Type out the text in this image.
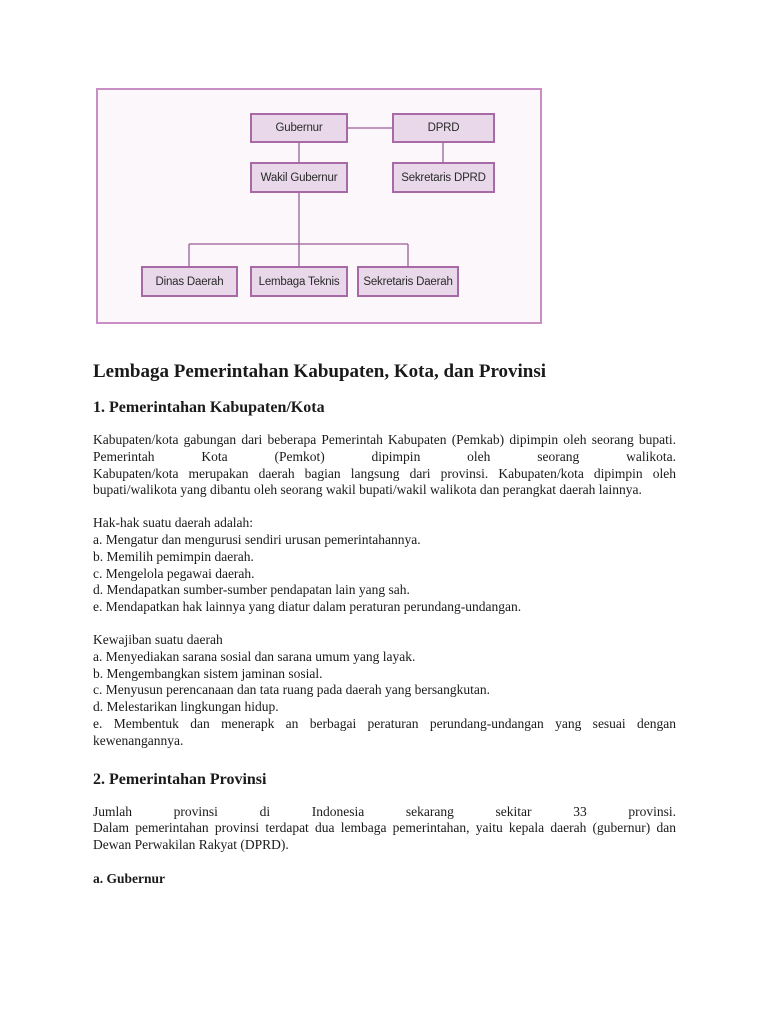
Gubernur	DPRD
Wakil Gubernur	Sekretaris DPRD
Dinas Daerah	Lembaga Teknis	Sekretaris Daerah
Lembaga Pemerintahan Kabupaten, Kota, dan Provinsi
1. Pemerintahan Kabupaten/Kota

Kabupaten/kota gabungan dari beberapa Pemerintah Kabupaten (Pemkab) dipimpin oleh seorang bupati. Pemerintah Kota (Pemkot) dipimpin oleh seorang walikota.

Kabupaten/kota merupakan daerah bagian langsung dari provinsi. Kabupaten/kota dipimpin oleh bupati/walikota yang dibantu oleh seorang wakil bupati/wakil walikota dan perangkat daerah lainnya.

Hak-hak suatu daerah adalah:

a. Mengatur dan mengurusi sendiri urusan pemerintahannya.

b. Memilih pemimpin daerah.

c. Mengelola pegawai daerah.

d. Mendapatkan sumber-sumber pendapatan lain yang sah.

e. Mendapatkan hak lainnya yang diatur dalam peraturan perundang-undangan.

Kewajiban suatu daerah

a. Menyediakan sarana sosial dan sarana umum yang layak.

b. Mengembangkan sistem jaminan sosial.

c. Menyusun perencanaan dan tata ruang pada daerah yang bersangkutan.

d. Melestarikan lingkungan hidup.

e. Membentuk dan menerapk an berbagai peraturan perundang-undangan yang sesuai dengan kewenangannya.

2. Pemerintahan Provinsi

Jumlah provinsi di Indonesia sekarang sekitar 33 provinsi.

Dalam pemerintahan provinsi terdapat dua lembaga pemerintahan, yaitu kepala daerah (gubernur) dan Dewan Perwakilan Rakyat (DPRD).

a. Gubernur
